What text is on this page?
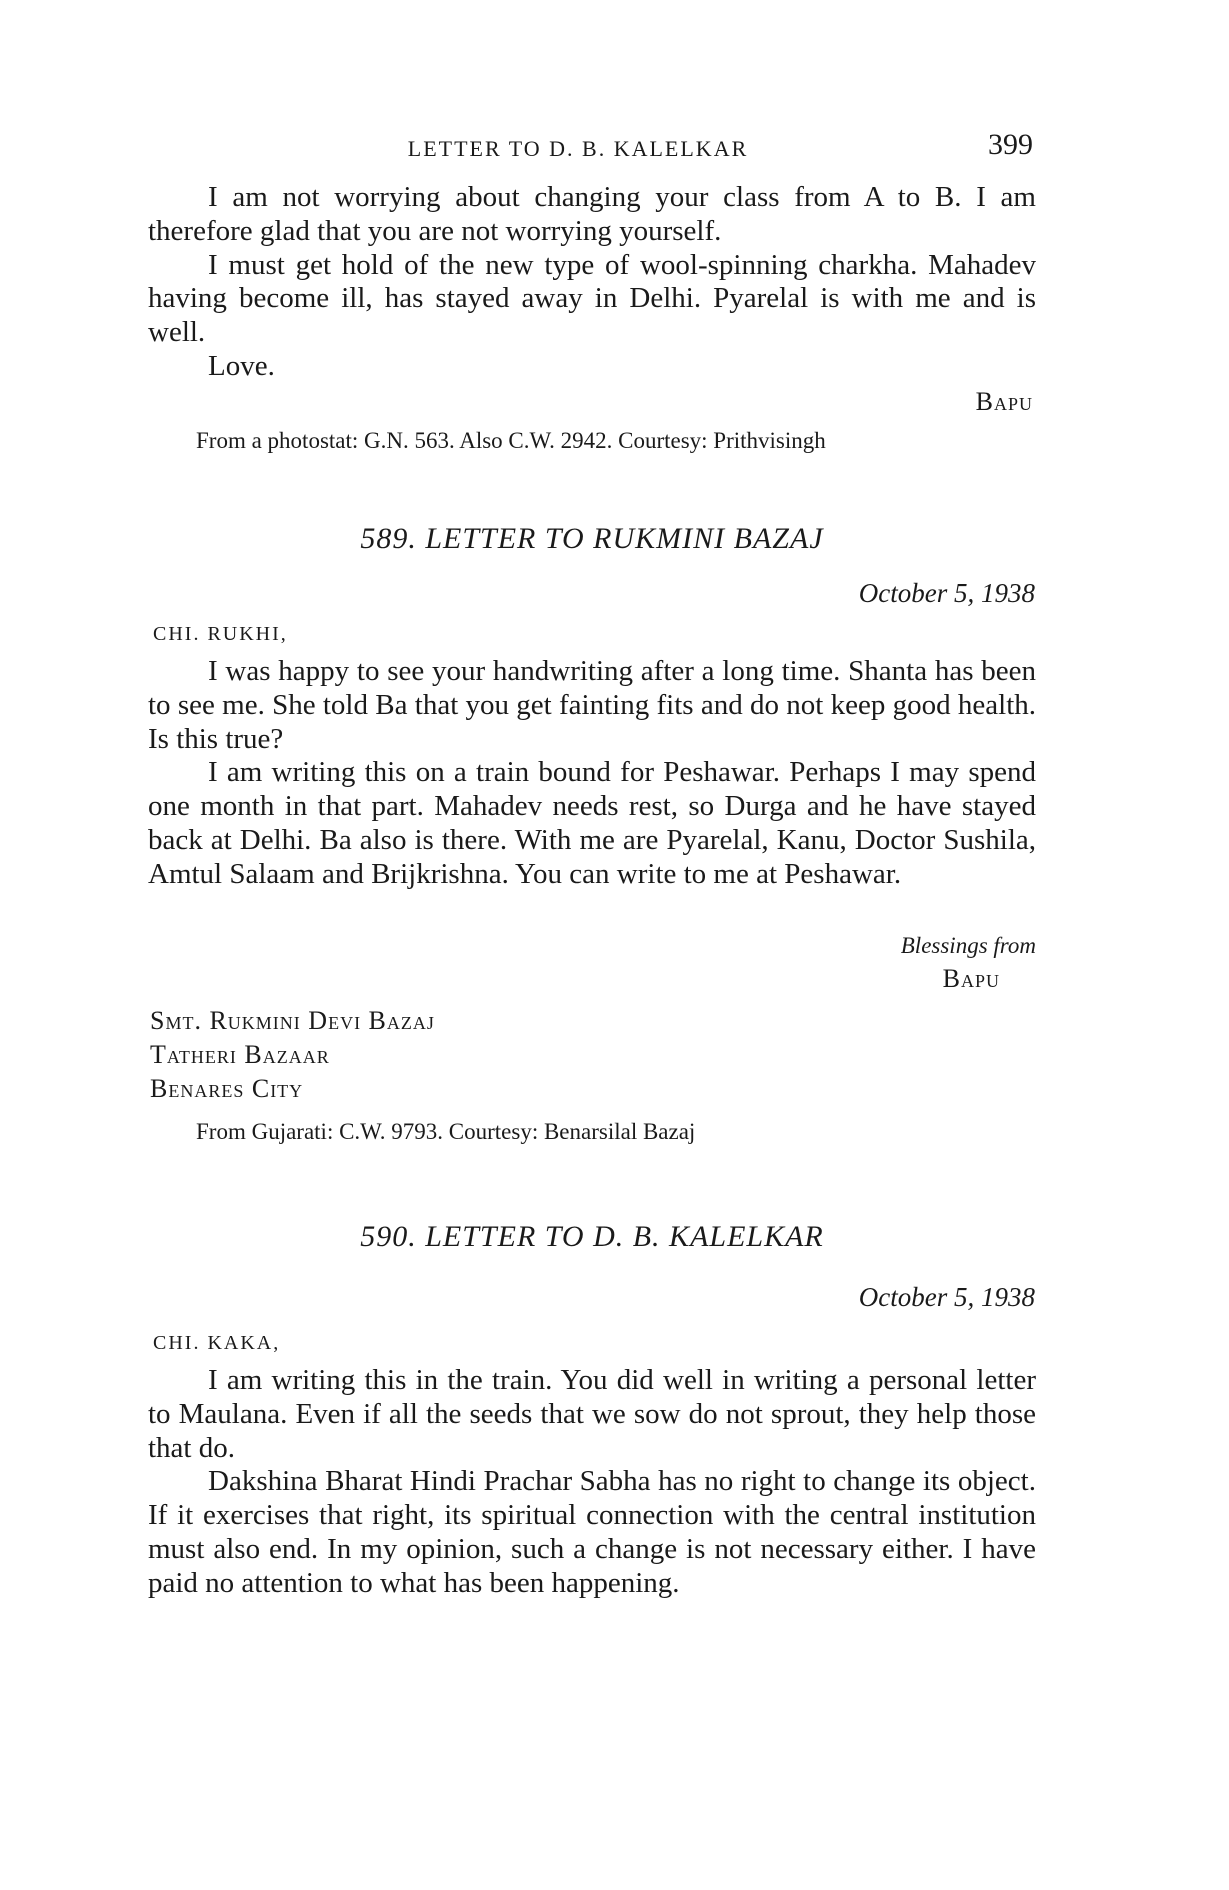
LETTER TO D. B. KALELKAR	399

I am not worrying about changing your class from A to B. I am therefore glad that you are not worrying yourself.

I must get hold of the new type of wool-spinning charkha. Mahadev having become ill, has stayed away in Delhi. Pyarelal is with me and is well.

Love.

Bapu
From a photostat: G.N. 563. Also C.W. 2942. Courtesy: Prithvisingh
589. LETTER TO RUKMINI BAZAJ
October 5, 1938
CHI. RUKHI,

I was happy to see your handwriting after a long time. Shanta has been to see me. She told Ba that you get fainting fits and do not keep good health. Is this true?

I am writing this on a train bound for Peshawar. Perhaps I may spend one month in that part. Mahadev needs rest, so Durga and he have stayed back at Delhi. Ba also is there. With me are Pyarelal, Kanu, Doctor Sushila, Amtul Salaam and Brijkrishna. You can write to me at Peshawar.

Blessings from
Bapu
Smt. Rukmini Devi Bazaj
Tatheri Bazaar
Benares City
From Gujarati: C.W. 9793. Courtesy: Benarsilal Bazaj
590. LETTER TO D. B. KALELKAR
October 5, 1938
CHI. KAKA,

I am writing this in the train. You did well in writing a personal letter to Maulana. Even if all the seeds that we sow do not sprout, they help those that do.

Dakshina Bharat Hindi Prachar Sabha has no right to change its object. If it exercises that right, its spiritual connection with the central institution must also end. In my opinion, such a change is not necessary either. I have paid no attention to what has been happening.
